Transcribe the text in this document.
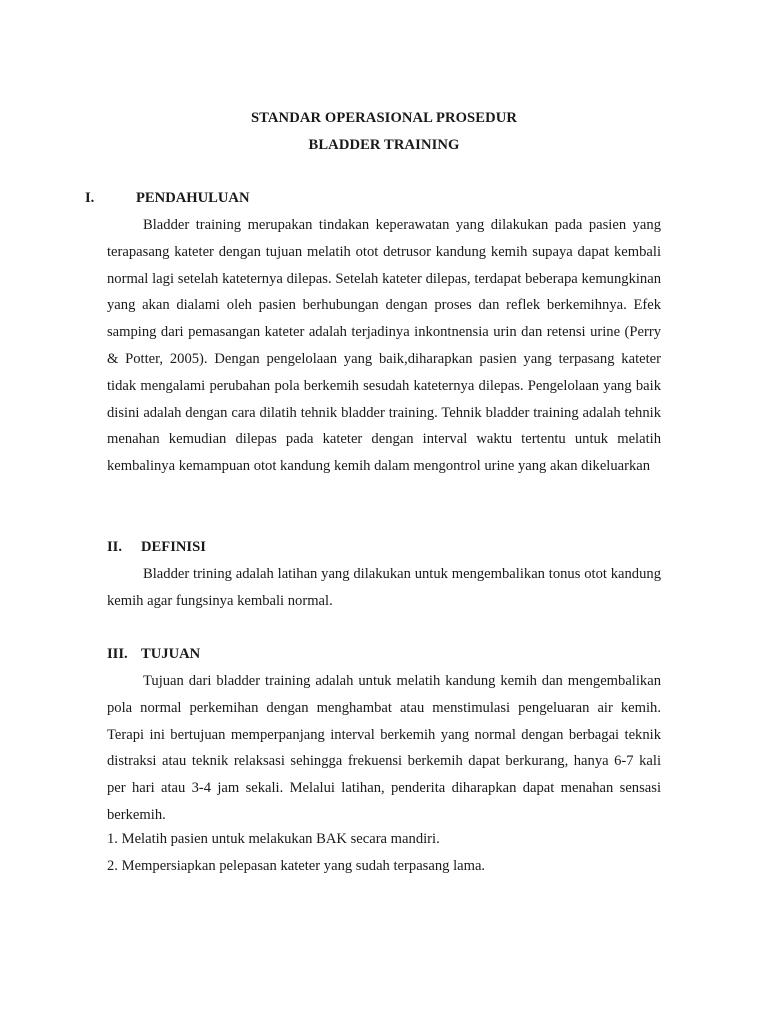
STANDAR OPERASIONAL PROSEDUR
BLADDER TRAINING
I.	PENDAHULUAN

Bladder training merupakan tindakan keperawatan yang dilakukan pada pasien yang terapasang kateter dengan tujuan melatih otot detrusor kandung kemih supaya dapat kembali normal lagi setelah kateternya dilepas. Setelah kateter dilepas, terdapat beberapa kemungkinan yang akan dialami oleh pasien berhubungan dengan proses dan reflek berkemihnya. Efek samping dari pemasangan kateter adalah terjadinya inkontnensia urin dan retensi urine (Perry & Potter, 2005). Dengan pengelolaan yang baik,diharapkan pasien yang terpasang kateter tidak mengalami perubahan pola berkemih sesudah kateternya dilepas. Pengelolaan yang baik disini adalah dengan cara dilatih tehnik bladder training. Tehnik bladder training adalah tehnik menahan kemudian dilepas pada kateter dengan interval waktu tertentu untuk melatih kembalinya kemampuan otot kandung kemih dalam mengontrol urine yang akan dikeluarkan

II. DEFINISI

Bladder trining adalah latihan yang dilakukan untuk mengembalikan tonus otot kandung kemih agar fungsinya kembali normal.

III. TUJUAN

Tujuan dari bladder training adalah untuk melatih kandung kemih dan mengembalikan pola normal perkemihan dengan menghambat atau menstimulasi pengeluaran air kemih. Terapi ini bertujuan memperpanjang interval berkemih yang normal dengan berbagai teknik distraksi atau teknik relaksasi sehingga frekuensi berkemih dapat berkurang, hanya 6-7 kali per hari atau 3-4 jam sekali. Melalui latihan, penderita diharapkan dapat menahan sensasi berkemih.

1. Melatih pasien untuk melakukan BAK secara mandiri.
2. Mempersiapkan pelepasan kateter yang sudah terpasang lama.
